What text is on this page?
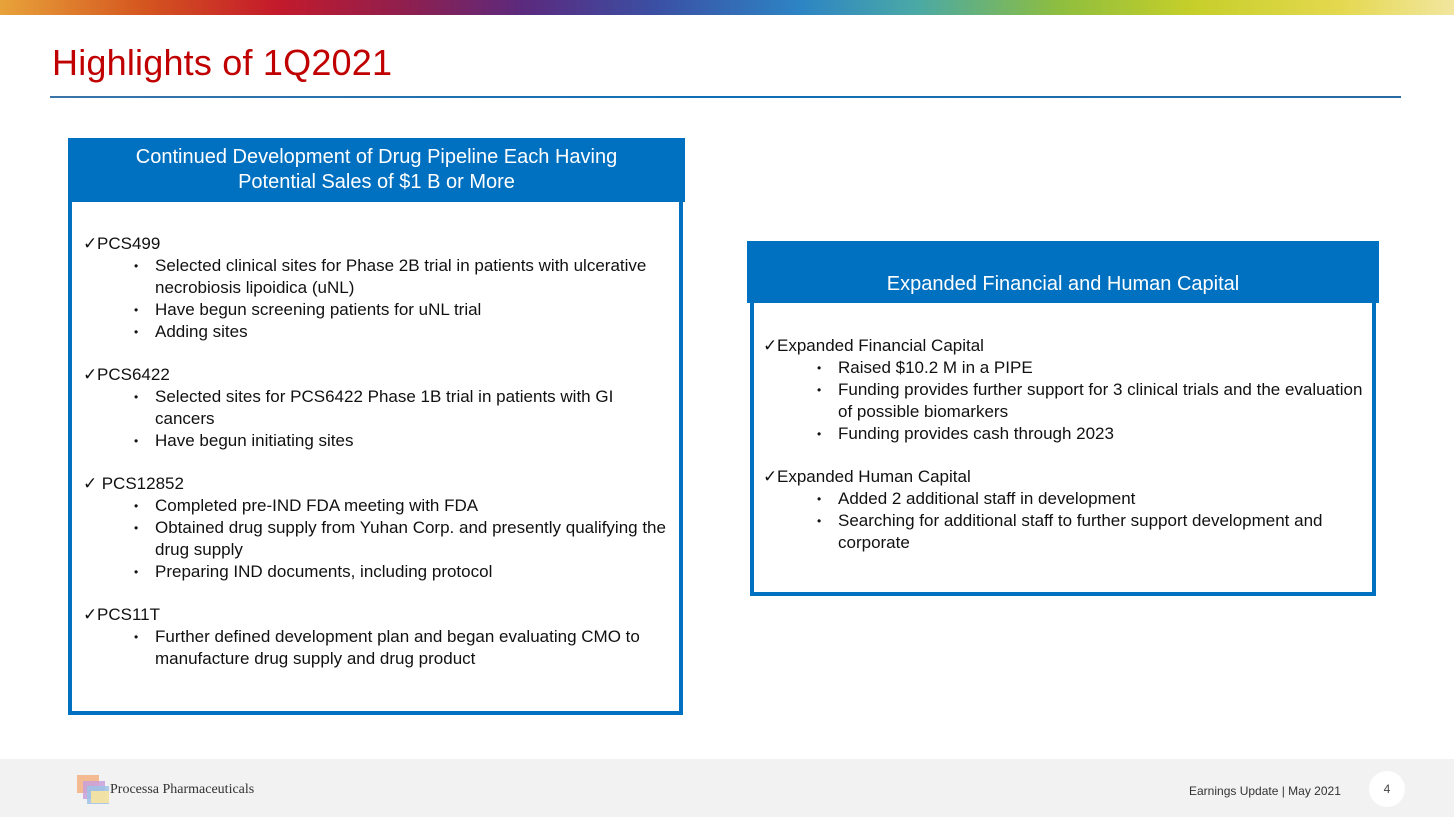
Highlights of 1Q2021
Continued Development of Drug Pipeline Each Having
Potential Sales of $1 B or More
✓ PCS499
• Selected clinical sites for Phase 2B trial in patients with ulcerative necrobiosis lipoidica (uNL)
• Have begun screening patients for uNL trial
• Adding sites
✓ PCS6422
• Selected sites for PCS6422 Phase 1B trial in patients with GI cancers
• Have begun initiating sites
✓ PCS12852
• Completed pre-IND FDA meeting with FDA
• Obtained drug supply from Yuhan Corp. and presently qualifying the drug supply
• Preparing IND documents, including protocol
✓ PCS11T
• Further defined development plan and began evaluating CMO to manufacture drug supply and drug product
Expanded Financial and Human Capital
✓ Expanded Financial Capital
• Raised $10.2 M in a PIPE
• Funding provides further support for 3 clinical trials and the evaluation of possible biomarkers
• Funding provides cash through 2023
✓ Expanded Human Capital
• Added 2 additional staff in development
• Searching for additional staff to further support development and corporate
Processa Pharmaceuticals	Earnings Update | May 2021	4
